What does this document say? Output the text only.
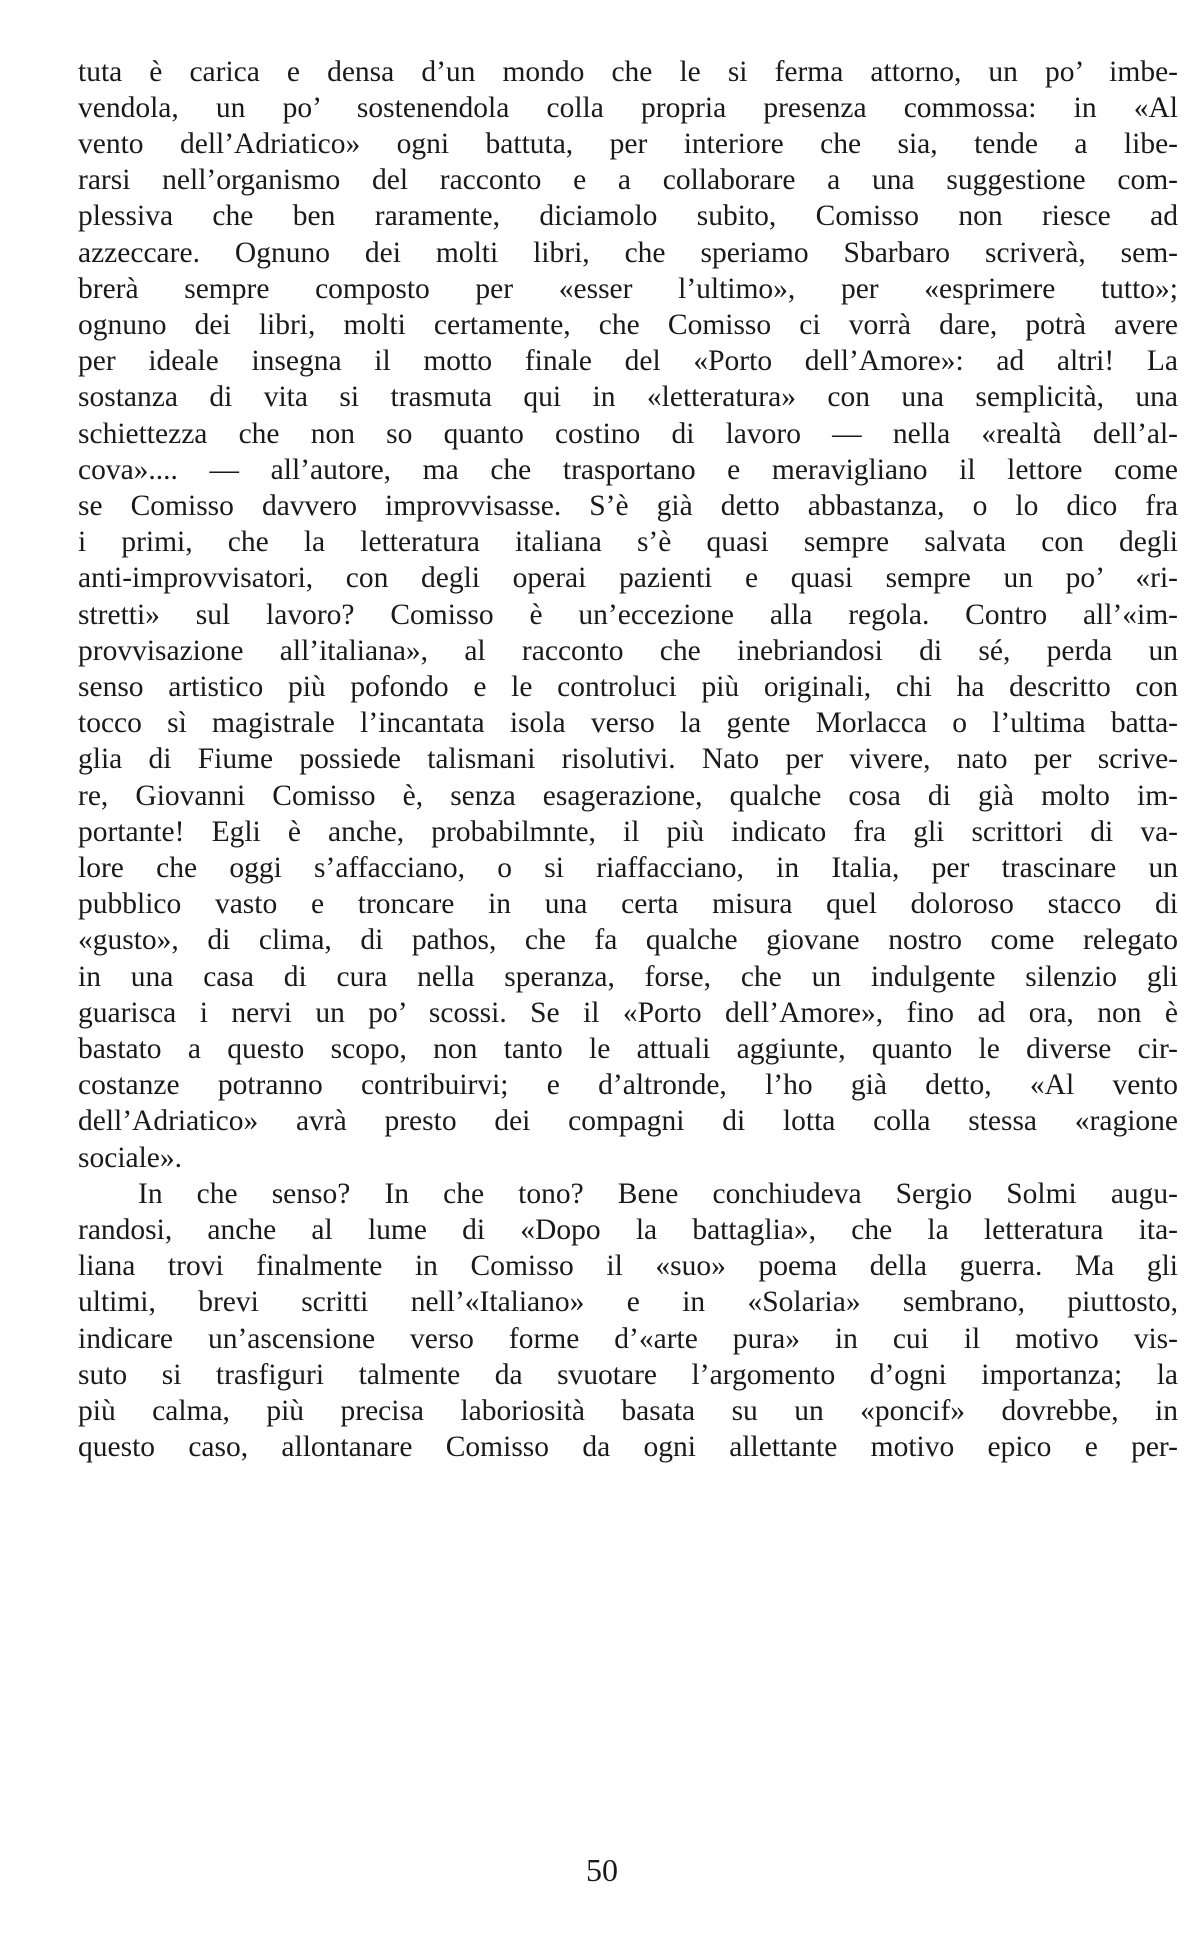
tuta è carica e densa d’un mondo che le si ferma attorno, un po’ imbe-
vendola, un po’ sostenendola colla propria presenza commossa: in «Al
vento dell’Adriatico» ogni battuta, per interiore che sia, tende a libe-
rarsi nell’organismo del racconto e a collaborare a una suggestione com-
plessiva che ben raramente, diciamolo subito, Comisso non riesce ad
azzeccare. Ognuno dei molti libri, che speriamo Sbarbaro scriverà, sem-
brerà sempre composto per «esser l’ultimo», per «esprimere tutto»;
ognuno dei libri, molti certamente, che Comisso ci vorrà dare, potrà avere
per ideale insegna il motto finale del «Porto dell’Amore»: ad altri! La
sostanza di vita si trasmuta qui in «letteratura» con una semplicità, una
schiettezza che non so quanto costino di lavoro — nella «realtà dell’al-
cova».... — all’autore, ma che trasportano e meravigliano il lettore come
se Comisso davvero improvvisasse. S’è già detto abbastanza, o lo dico fra
i primi, che la letteratura italiana s’è quasi sempre salvata con degli
anti-improvvisatori, con degli operai pazienti e quasi sempre un po’ «ri-
stretti» sul lavoro? Comisso è un’eccezione alla regola. Contro all’«im-
provvisazione all’italiana», al racconto che inebriandosi di sé, perda un
senso artistico più pofondo e le controluci più originali, chi ha descritto con
tocco sì magistrale l’incantata isola verso la gente Morlacca o l’ultima batta-
glia di Fiume possiede talismani risolutivi. Nato per vivere, nato per scrive-
re, Giovanni Comisso è, senza esagerazione, qualche cosa di già molto im-
portante! Egli è anche, probabilmnte, il più indicato fra gli scrittori di va-
lore che oggi s’affacciano, o si riaffacciano, in Italia, per trascinare un
pubblico vasto e troncare in una certa misura quel doloroso stacco di
«gusto», di clima, di pathos, che fa qualche giovane nostro come relegato
in una casa di cura nella speranza, forse, che un indulgente silenzio gli
guarisca i nervi un po’ scossi. Se il «Porto dell’Amore», fino ad ora, non è
bastato a questo scopo, non tanto le attuali aggiunte, quanto le diverse cir-
costanze potranno contribuirvi; e d’altronde, l’ho già detto, «Al vento
dell’Adriatico» avrà presto dei compagni di lotta colla stessa «ragione
sociale».
In che senso? In che tono? Bene conchiudeva Sergio Solmi augu-
randosi, anche al lume di «Dopo la battaglia», che la letteratura ita-
liana trovi finalmente in Comisso il «suo» poema della guerra. Ma gli
ultimi, brevi scritti nell’«Italiano» e in «Solaria» sembrano, piuttosto,
indicare un’ascensione verso forme d’«arte pura» in cui il motivo vis-
suto si trasfiguri talmente da svuotare l’argomento d’ogni importanza; la
più calma, più precisa laboriosità basata su un «poncif» dovrebbe, in
questo caso, allontanare Comisso da ogni allettante motivo epico e per-
50
